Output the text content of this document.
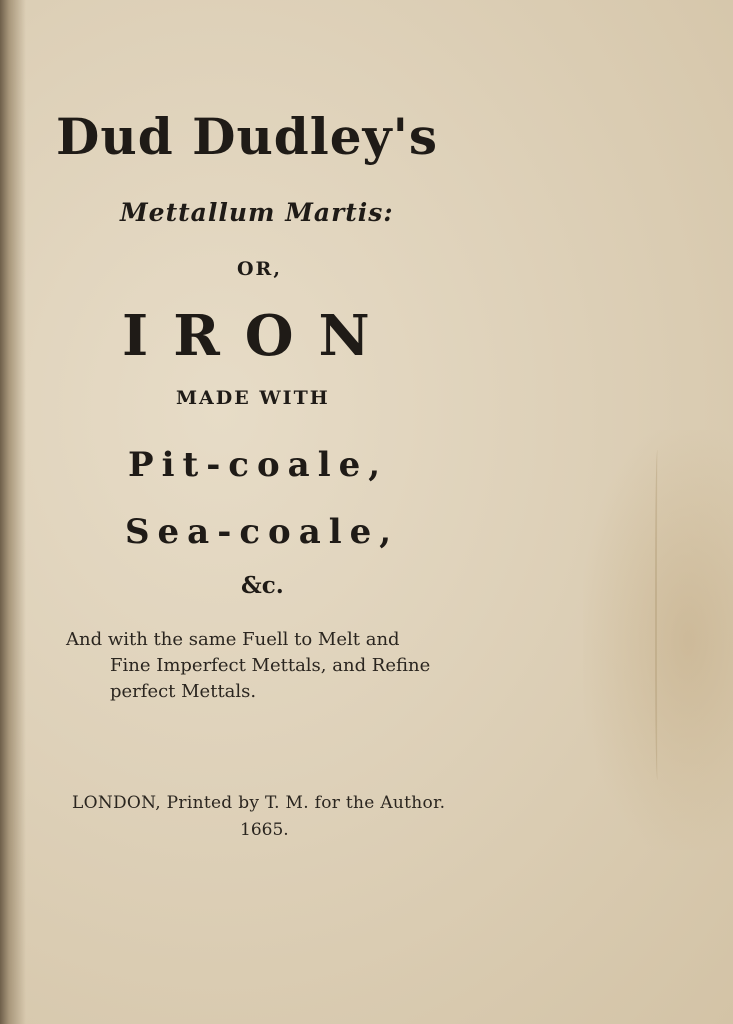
Dud Dudley's
Mettallum Martis:
OR,
IRON
MADE WITH
Pit-coale,
Sea-coale,
&c.
And with the same Fuell to Melt and
Fine Imperfect Mettals, and Refine
perfect Mettals.
LONDON, Printed by T. M. for the Author.
1665.
